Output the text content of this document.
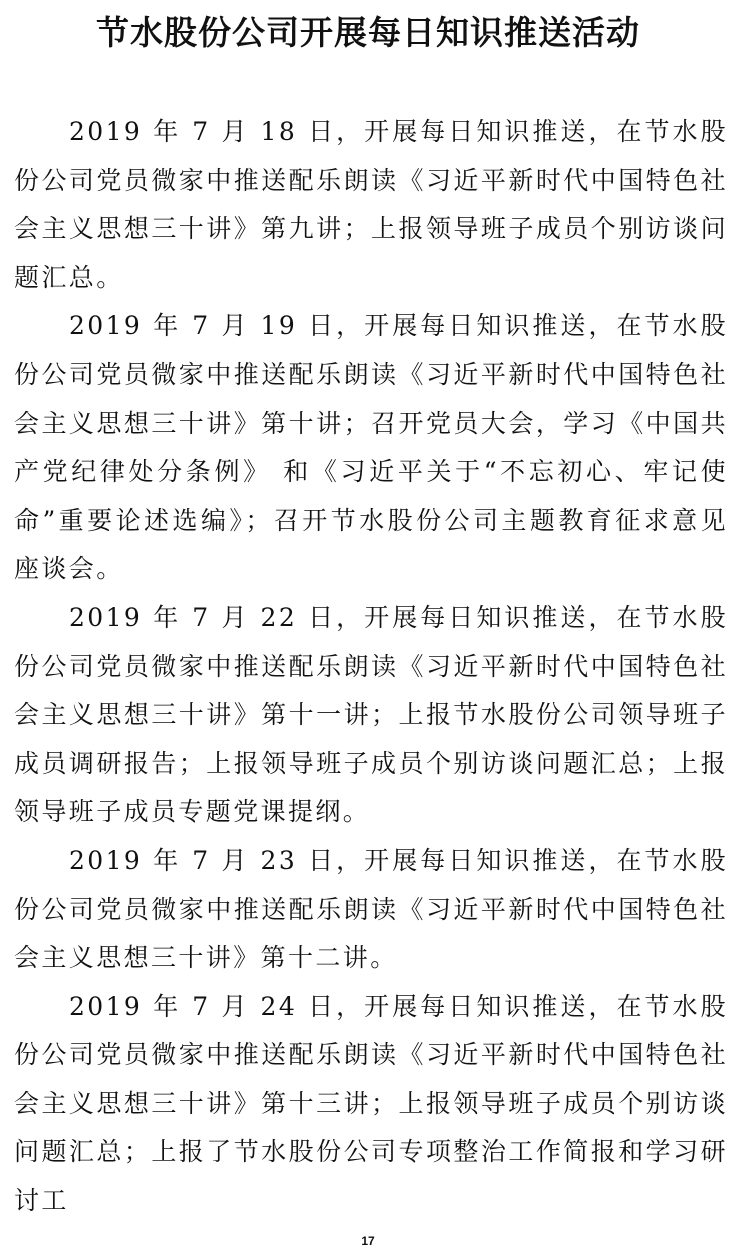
节水股份公司开展每日知识推送活动

2019 年 7 月 18 日，开展每日知识推送，在节水股份公司党员微家中推送配乐朗读《习近平新时代中国特色社会主义思想三十讲》第九讲；上报领导班子成员个别访谈问题汇总。

2019 年 7 月 19 日，开展每日知识推送，在节水股份公司党员微家中推送配乐朗读《习近平新时代中国特色社会主义思想三十讲》第十讲；召开党员大会，学习《中国共产党纪律处分条例》 和《习近平关于“不忘初心、牢记使命”重要论述选编》；召开节水股份公司主题教育征求意见座谈会。

2019 年 7 月 22 日，开展每日知识推送，在节水股份公司党员微家中推送配乐朗读《习近平新时代中国特色社会主义思想三十讲》第十一讲；上报节水股份公司领导班子成员调研报告；上报领导班子成员个别访谈问题汇总；上报领导班子成员专题党课提纲。

2019 年 7 月 23 日，开展每日知识推送，在节水股份公司党员微家中推送配乐朗读《习近平新时代中国特色社会主义思想三十讲》第十二讲。

2019 年 7 月 24 日，开展每日知识推送，在节水股份公司党员微家中推送配乐朗读《习近平新时代中国特色社会主义思想三十讲》第十三讲；上报领导班子成员个别访谈问题汇总；上报了节水股份公司专项整治工作简报和学习研讨工

17
